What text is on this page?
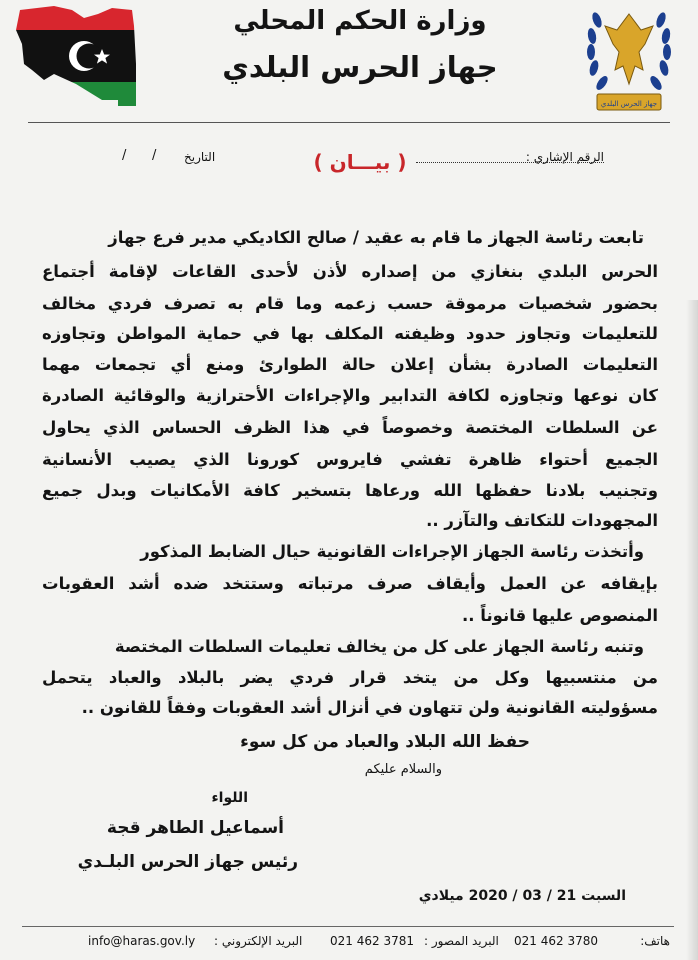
وزارة الحكم المحلي
جهاز الحرس البلدي
جهاز الحرس البلدي
الرقم الإشاري :
( بيـــان )
التاريخ
/
/
تابعت رئاسة الجهاز ما قام به عقيد / صالح الكاديكي مدير فرع جهاز
الحرس البلدي بنغازي من إصداره لأذن لأحدى القاعات لإقامة أجتماع
بحضور شخصيات مرموقة حسب زعمه وما قام به تصرف فردي مخالف
للتعليمات وتجاوز حدود وظيفته المكلف بها في حماية المواطن وتجاوزه
التعليمات الصادرة بشأن إعلان حالة الطوارئ ومنع أي تجمعات مهما
كان نوعها وتجاوزه لكافة التدابير والإجراءات الأحترازية والوقائية الصادرة
عن السلطات المختصة وخصوصاً في هذا الظرف الحساس الذي يحاول
الجميع أحتواء ظاهرة تفشي فايروس كورونا الذي يصيب الأنسانية
وتجنيب بلادنا حفظها الله ورعاها بتسخير كافة الأمكانيات وبدل جميع
المجهودات للتكاتف والتآزر ..
وأتخذت رئاسة الجهاز الإجراءات القانونية حيال الضابط المذكور
بإيقافه عن العمل وأيقاف صرف مرتباته وستتخد ضده أشد العقوبات
المنصوص عليها قانوناً ..
وتنبه رئاسة الجهاز على كل من يخالف تعليمات السلطات المختصة
من منتسبيها وكل من يتخد قرار فردي يضر بالبلاد والعباد يتحمل
مسؤوليته القانونية ولن تتهاون في أنزال أشد العقوبات وفقاً للقانون ..
حفظ الله البلاد والعباد من كل سوء
والسلام عليكم
اللواء
أسماعيل الطاهر قجة
رئيس جهاز الحرس البلـدي
السبت 21 / 03 / 2020 ميلادي
هاتف:
021 462 3780
البريد المصور :
021 462 3781
البريد الإلكتروني :
info@haras.gov.ly
